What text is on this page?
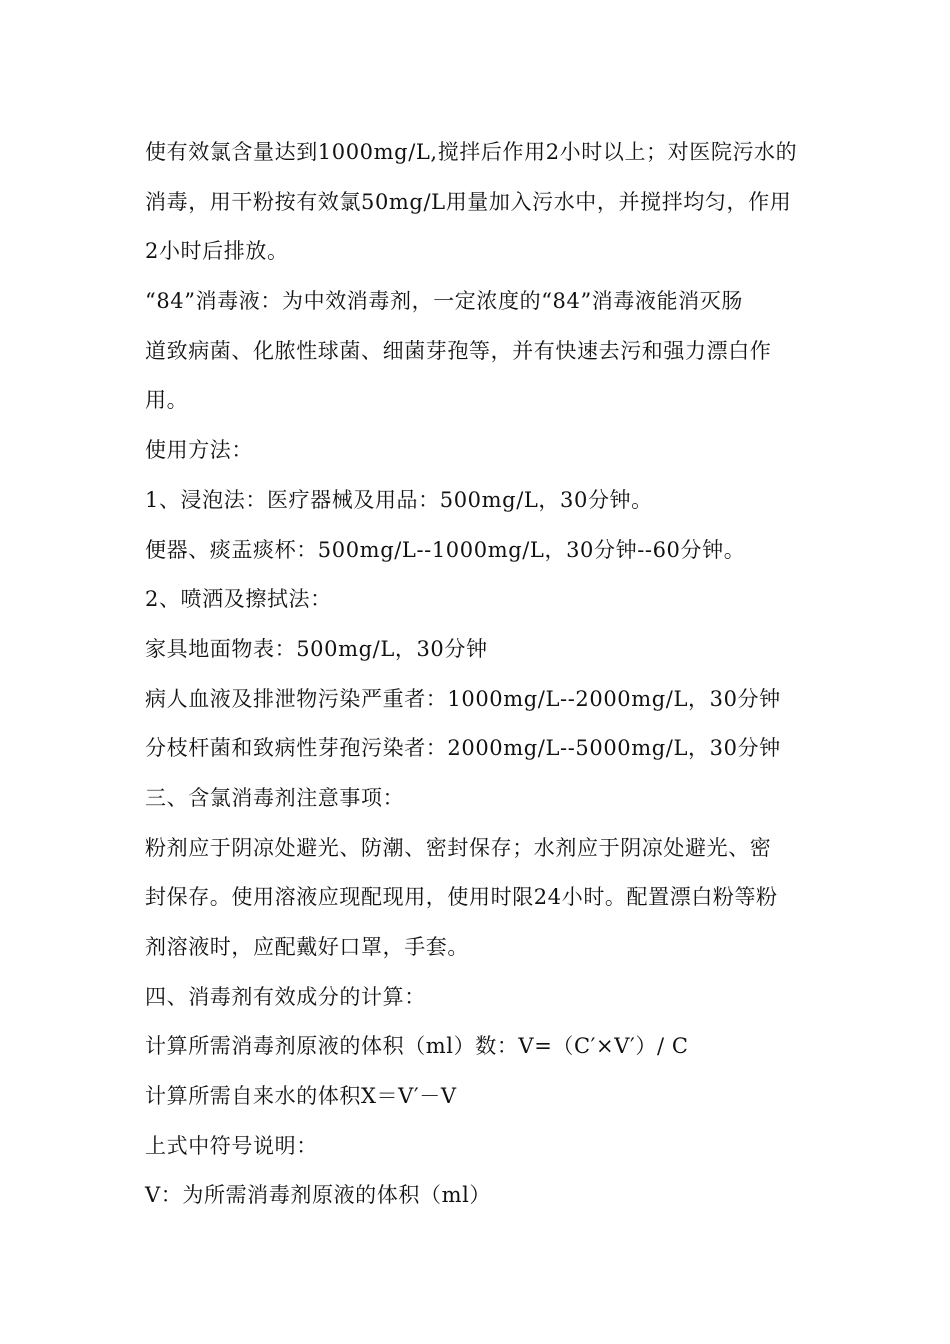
使有效氯含量达到1000mg/L,搅拌后作用2小时以上；对医院污水的
消毒，用干粉按有效氯50mg/L用量加入污水中，并搅拌均匀，作用
2小时后排放。
“84”消毒液：为中效消毒剂，一定浓度的“84”消毒液能消灭肠
道致病菌、化脓性球菌、细菌芽孢等，并有快速去污和强力漂白作
用。
使用方法：
1、浸泡法：医疗器械及用品：500mg/L，30分钟。
便器、痰盂痰杯：500mg/L--1000mg/L，30分钟--60分钟。
2、喷洒及擦拭法：
家具地面物表：500mg/L，30分钟
病人血液及排泄物污染严重者：1000mg/L--2000mg/L，30分钟
分枝杆菌和致病性芽孢污染者：2000mg/L--5000mg/L，30分钟
三、含氯消毒剂注意事项：
粉剂应于阴凉处避光、防潮、密封保存；水剂应于阴凉处避光、密
封保存。使用溶液应现配现用，使用时限24小时。配置漂白粉等粉
剂溶液时，应配戴好口罩，手套。
四、消毒剂有效成分的计算：
计算所需消毒剂原液的体积（ml）数：V=（C′×V′）/ C
计算所需自来水的体积X＝V′－V
上式中符号说明：
V：为所需消毒剂原液的体积（ml）
